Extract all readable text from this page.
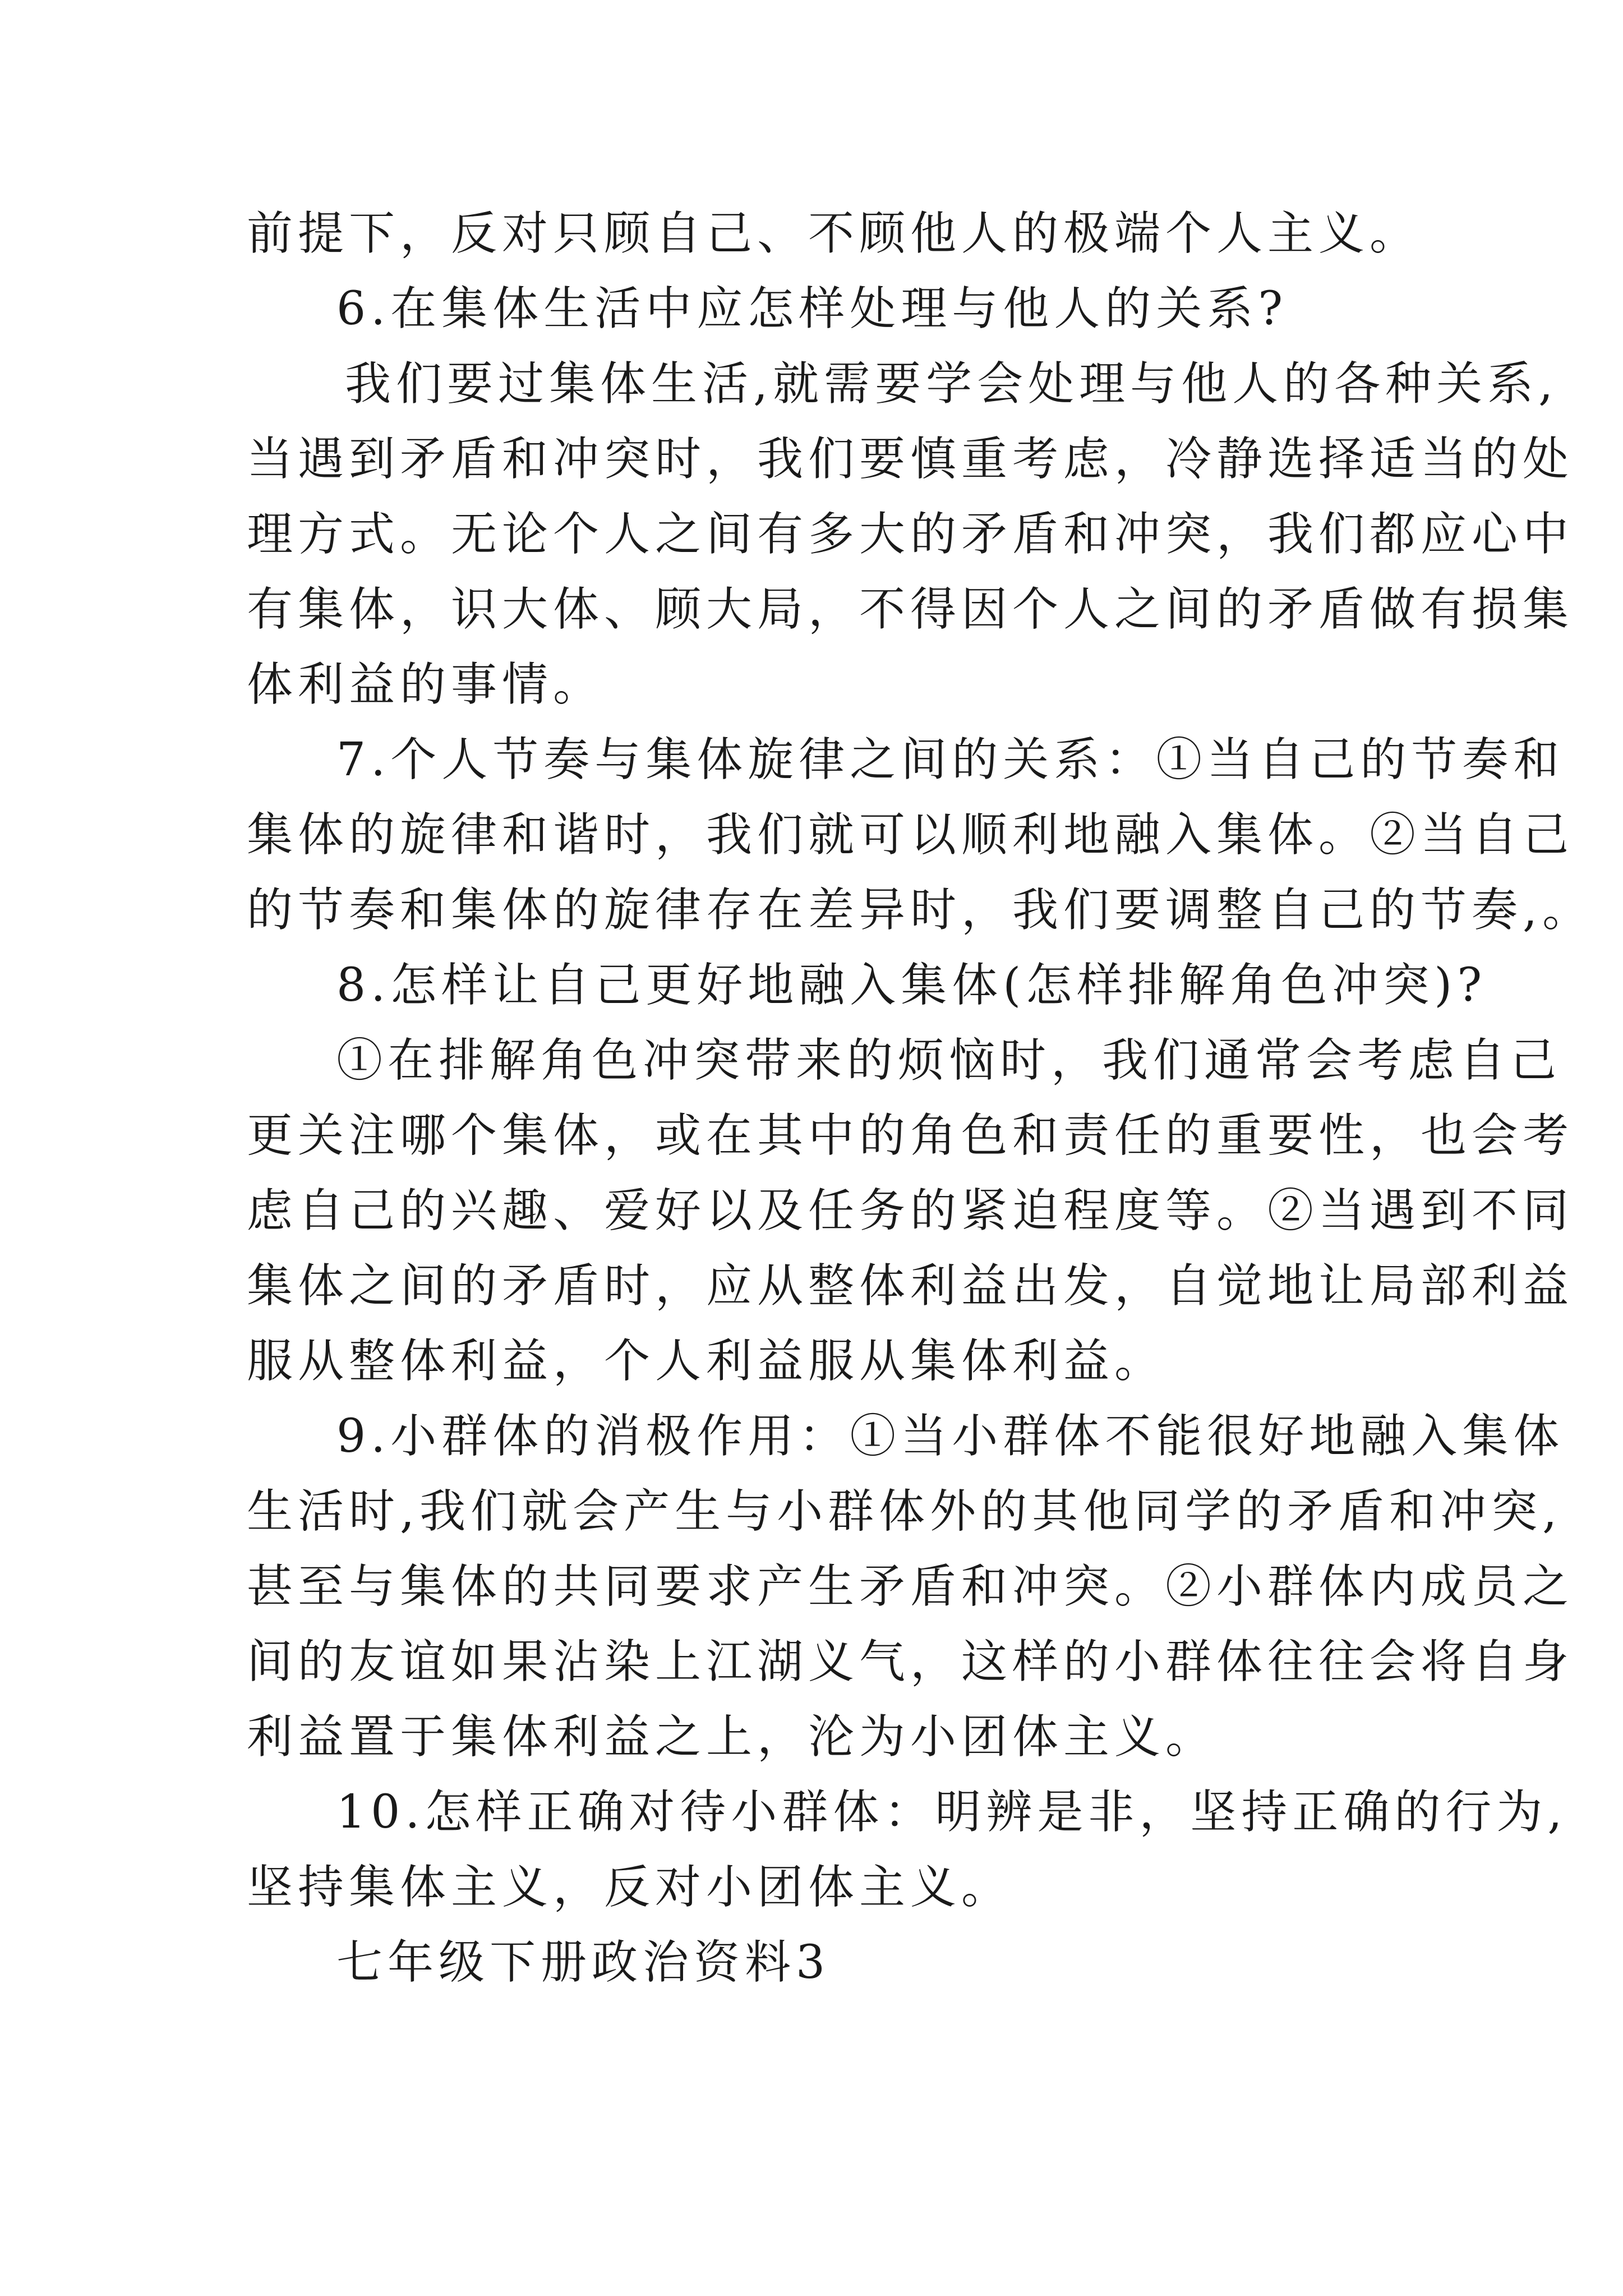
前提下，反对只顾自己、不顾他人的极端个人主义。
6.在集体生活中应怎样处理与他人的关系?
我们要过集体生活,就需要学会处理与他人的各种关系,
当遇到矛盾和冲突时，我们要慎重考虑，冷静选择适当的处
理方式。无论个人之间有多大的矛盾和冲突，我们都应心中
有集体，识大体、顾大局，不得因个人之间的矛盾做有损集
体利益的事情。
7.个人节奏与集体旋律之间的关系：①当自己的节奏和
集体的旋律和谐时，我们就可以顺利地融入集体。②当自己
的节奏和集体的旋律存在差异时，我们要调整自己的节奏,。
8.怎样让自己更好地融入集体(怎样排解角色冲突)?
①在排解角色冲突带来的烦恼时，我们通常会考虑自己
更关注哪个集体，或在其中的角色和责任的重要性，也会考
虑自己的兴趣、爱好以及任务的紧迫程度等。②当遇到不同
集体之间的矛盾时，应从整体利益出发，自觉地让局部利益
服从整体利益，个人利益服从集体利益。
9.小群体的消极作用：①当小群体不能很好地融入集体
生活时,我们就会产生与小群体外的其他同学的矛盾和冲突,
甚至与集体的共同要求产生矛盾和冲突。②小群体内成员之
间的友谊如果沾染上江湖义气，这样的小群体往往会将自身
利益置于集体利益之上，沦为小团体主义。
10.怎样正确对待小群体：明辨是非，坚持正确的行为,
坚持集体主义，反对小团体主义。
七年级下册政治资料3
